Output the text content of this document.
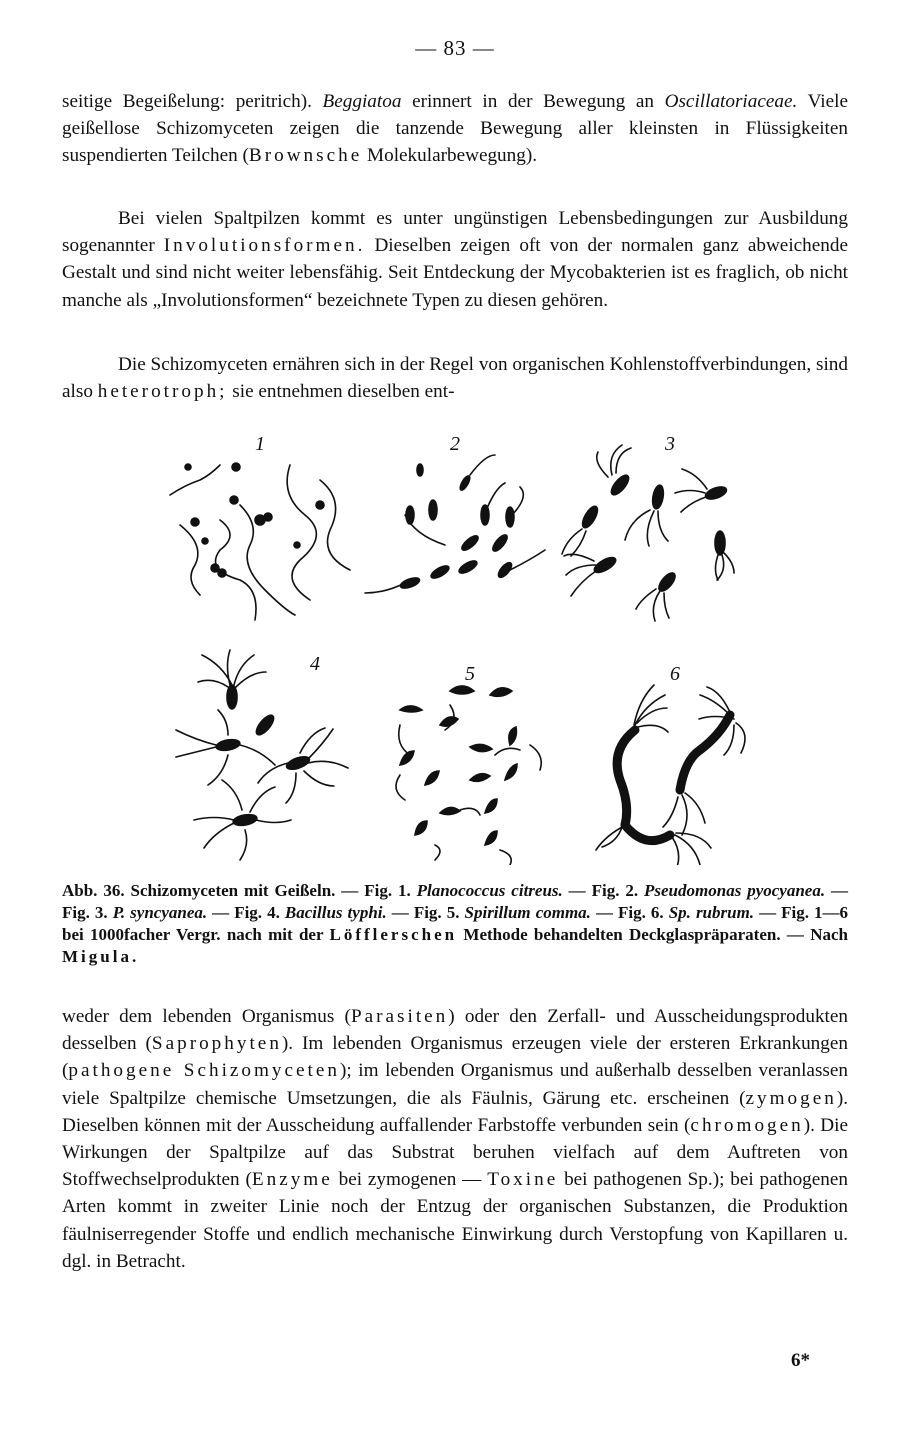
— 83 —

seitige Begeißelung: peritrich). Beggiatoa erinnert in der Bewegung an Oscillatoriaceae. Viele geißellose Schizomyceten zeigen die tanzende Bewegung aller kleinsten in Flüssigkeiten suspendierten Teilchen (Brownsche Molekularbewegung).

Bei vielen Spaltpilzen kommt es unter ungünstigen Lebensbedingungen zur Ausbildung sogenannter Involutionsformen. Dieselben zeigen oft von der normalen ganz abweichende Gestalt und sind nicht weiter lebensfähig. Seit Entdeckung der Mycobakterien ist es fraglich, ob nicht manche als „Involutionsformen“ bezeichnete Typen zu diesen gehören.

Die Schizomyceten ernähren sich in der Regel von organischen Kohlenstoffverbindungen, sind also heterotroph; sie entnehmen dieselben ent-

1	2	3
4	5	6

Abb. 36. Schizomyceten mit Geißeln. — Fig. 1. Planococcus citreus. — Fig. 2. Pseudomonas pyocyanea. — Fig. 3. P. syncyanea. — Fig. 4. Bacillus typhi. — Fig. 5. Spirillum comma. — Fig. 6. Sp. rubrum. — Fig. 1—6 bei 1000facher Vergr. nach mit der Löfflerschen Methode behandelten Deckglaspräparaten. — Nach Migula.

weder dem lebenden Organismus (Parasiten) oder den Zerfall- und Ausscheidungsprodukten desselben (Saprophyten). Im lebenden Organismus erzeugen viele der ersteren Erkrankungen (pathogene Schizomyceten); im lebenden Organismus und außerhalb desselben veranlassen viele Spaltpilze chemische Umsetzungen, die als Fäulnis, Gärung etc. erscheinen (zymogen). Dieselben können mit der Ausscheidung auffallender Farbstoffe verbunden sein (chromogen). Die Wirkungen der Spaltpilze auf das Substrat beruhen vielfach auf dem Auftreten von Stoffwechselprodukten (Enzyme bei zymogenen — Toxine bei pathogenen Sp.); bei pathogenen Arten kommt in zweiter Linie noch der Entzug der organischen Substanzen, die Produktion fäulniserregender Stoffe und endlich mechanische Einwirkung durch Verstopfung von Kapillaren u. dgl. in Betracht.

6*
